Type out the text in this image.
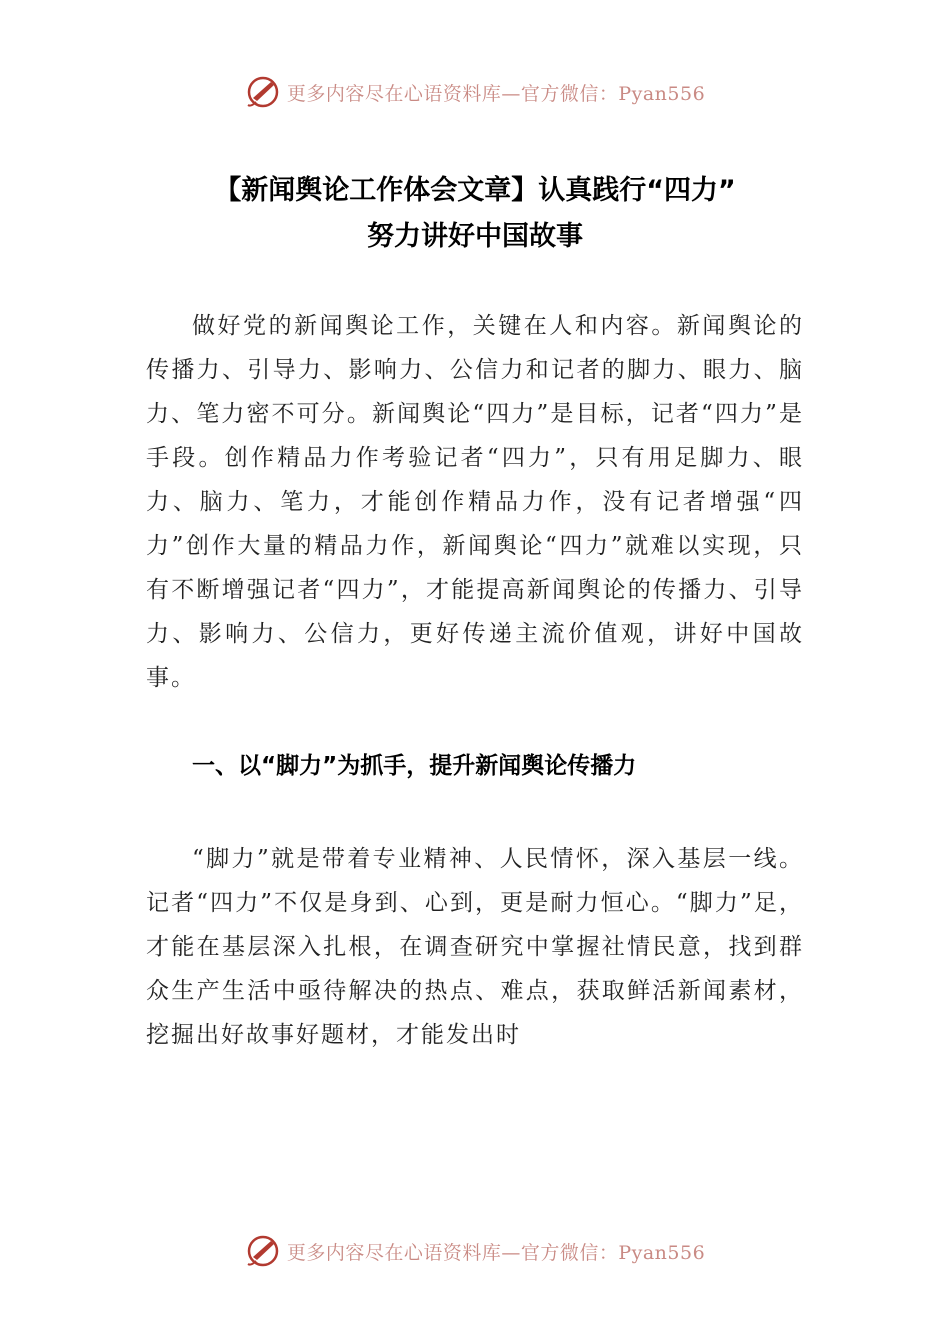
更多内容尽在心语资料库—官方微信：Pyan556
【新闻舆论工作体会文章】认真践行“四力”
努力讲好中国故事

做好党的新闻舆论工作，关键在人和内容。新闻舆论的传播力、引导力、影响力、公信力和记者的脚力、眼力、脑力、笔力密不可分。新闻舆论“四力”是目标，记者“四力”是手段。创作精品力作考验记者“四力”，只有用足脚力、眼力、脑力、笔力，才能创作精品力作，没有记者增强“四力”创作大量的精品力作，新闻舆论“四力”就难以实现，只有不断增强记者“四力”，才能提高新闻舆论的传播力、引导力、影响力、公信力，更好传递主流价值观，讲好中国故事。

一、以“脚力”为抓手，提升新闻舆论传播力

“脚力”就是带着专业精神、人民情怀，深入基层一线。记者“四力”不仅是身到、心到，更是耐力恒心。“脚力”足，才能在基层深入扎根，在调查研究中掌握社情民意，找到群众生产生活中亟待解决的热点、难点，获取鲜活新闻素材，挖掘出好故事好题材，才能发出时

更多内容尽在心语资料库—官方微信：Pyan556
